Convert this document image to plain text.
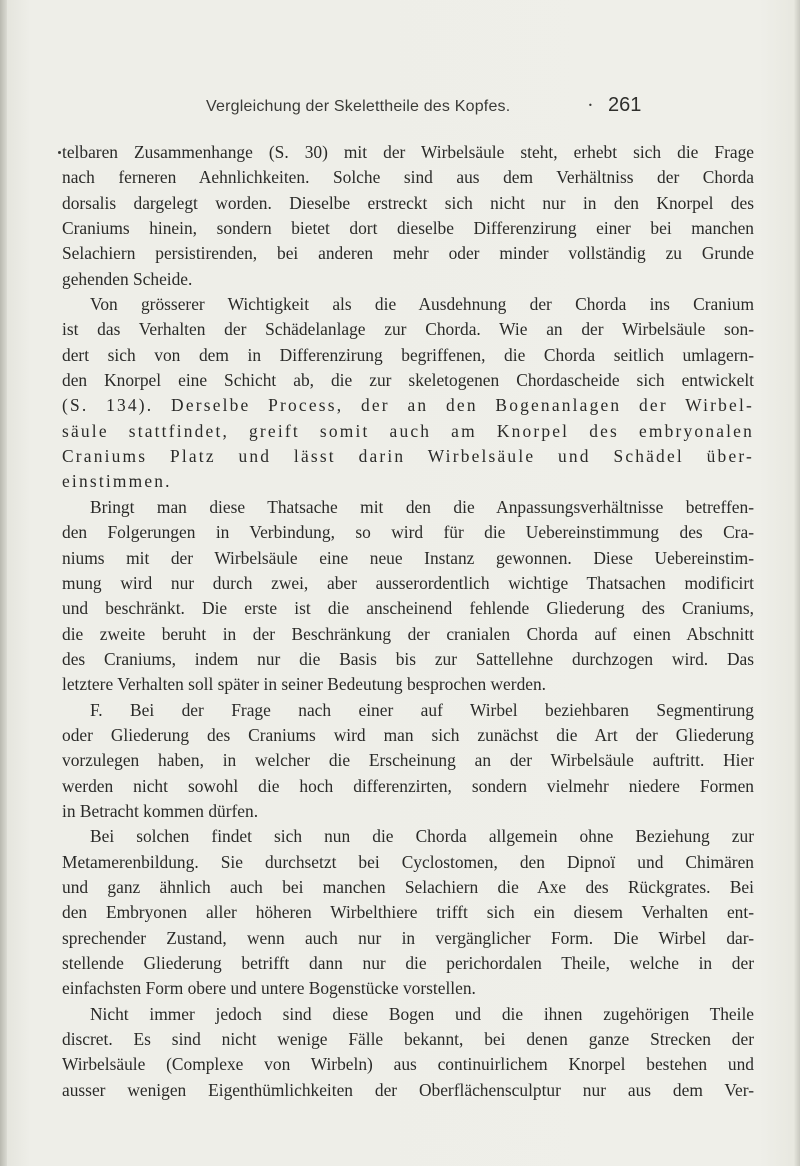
Vergleichung der Skelettheile des Kopfes.	• 261
telbaren Zusammenhange (S. 30) mit der Wirbelsäule steht, erhebt sich die Frage
nach ferneren Aehnlichkeiten. Solche sind aus dem Verhältniss der Chorda
dorsalis dargelegt worden. Dieselbe erstreckt sich nicht nur in den Knorpel des
Craniums hinein, sondern bietet dort dieselbe Differenzirung einer bei manchen
Selachiern persistirenden, bei anderen mehr oder minder vollständig zu Grunde
gehenden Scheide.
Von grösserer Wichtigkeit als die Ausdehnung der Chorda ins Cranium
ist das Verhalten der Schädelanlage zur Chorda. Wie an der Wirbelsäule son-
dert sich von dem in Differenzirung begriffenen, die Chorda seitlich umlagern-
den Knorpel eine Schicht ab, die zur skeletogenen Chordascheide sich entwickelt
(S. 134). Derselbe Process, der an den Bogenanlagen der Wirbel-
säule stattfindet, greift somit auch am Knorpel des embryonalen
Craniums Platz und lässt darin Wirbelsäule und Schädel über-
einstimmen.
Bringt man diese Thatsache mit den die Anpassungsverhältnisse betreffen-
den Folgerungen in Verbindung, so wird für die Uebereinstimmung des Cra-
niums mit der Wirbelsäule eine neue Instanz gewonnen. Diese Uebereinstim-
mung wird nur durch zwei, aber ausserordentlich wichtige Thatsachen modificirt
und beschränkt. Die erste ist die anscheinend fehlende Gliederung des Craniums,
die zweite beruht in der Beschränkung der cranialen Chorda auf einen Abschnitt
des Craniums, indem nur die Basis bis zur Sattellehne durchzogen wird. Das
letztere Verhalten soll später in seiner Bedeutung besprochen werden.
F. Bei der Frage nach einer auf Wirbel beziehbaren Segmentirung
oder Gliederung des Craniums wird man sich zunächst die Art der Gliederung
vorzulegen haben, in welcher die Erscheinung an der Wirbelsäule auftritt. Hier
werden nicht sowohl die hoch differenzirten, sondern vielmehr niedere Formen
in Betracht kommen dürfen.
Bei solchen findet sich nun die Chorda allgemein ohne Beziehung zur
Metamerenbildung. Sie durchsetzt bei Cyclostomen, den Dipnoï und Chimären
und ganz ähnlich auch bei manchen Selachiern die Axe des Rückgrates. Bei
den Embryonen aller höheren Wirbelthiere trifft sich ein diesem Verhalten ent-
sprechender Zustand, wenn auch nur in vergänglicher Form. Die Wirbel dar-
stellende Gliederung betrifft dann nur die perichordalen Theile, welche in der
einfachsten Form obere und untere Bogenstücke vorstellen.
Nicht immer jedoch sind diese Bogen und die ihnen zugehörigen Theile
discret. Es sind nicht wenige Fälle bekannt, bei denen ganze Strecken der
Wirbelsäule (Complexe von Wirbeln) aus continuirlichem Knorpel bestehen und
ausser wenigen Eigenthümlichkeiten der Oberflächensculptur nur aus dem Ver-
